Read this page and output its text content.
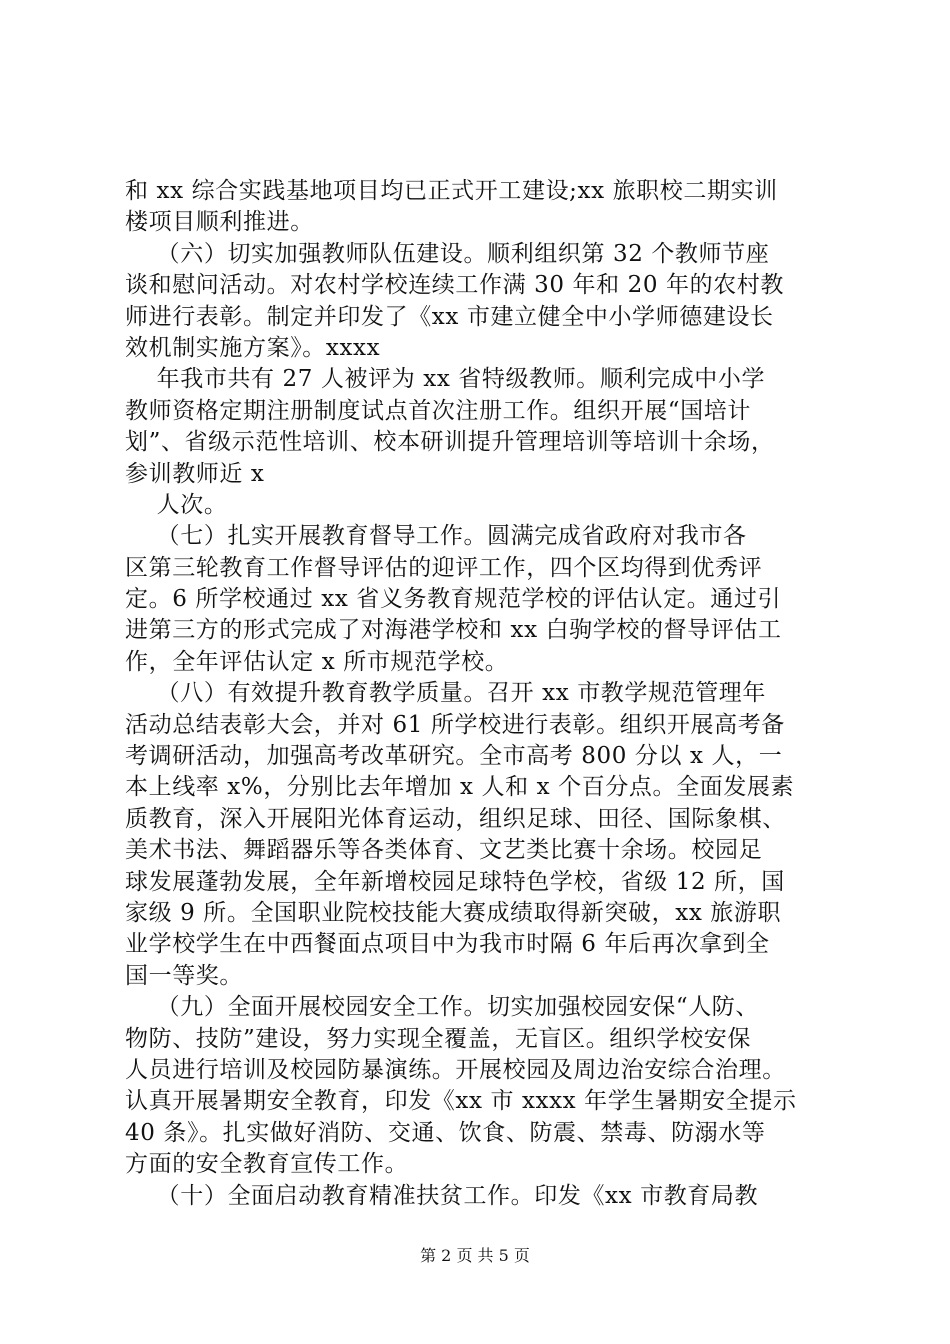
和 xx 综合实践基地项目均已正式开工建设;xx 旅职校二期实训
楼项目顺利推进。
（六）切实加强教师队伍建设。顺利组织第 32 个教师节座
谈和慰问活动。对农村学校连续工作满 30 年和 20 年的农村教
师进行表彰。制定并印发了《xx 市建立健全中小学师德建设长
效机制实施方案》。xxxx
年我市共有 27 人被评为 xx 省特级教师。顺利完成中小学
教师资格定期注册制度试点首次注册工作。组织开展“国培计
划”、省级示范性培训、校本研训提升管理培训等培训十余场，
参训教师近 x
人次。
（七）扎实开展教育督导工作。圆满完成省政府对我市各
区第三轮教育工作督导评估的迎评工作，四个区均得到优秀评
定。6 所学校通过 xx 省义务教育规范学校的评估认定。通过引
进第三方的形式完成了对海港学校和 xx 白驹学校的督导评估工
作，全年评估认定 x 所市规范学校。
（八）有效提升教育教学质量。召开 xx 市教学规范管理年
活动总结表彰大会，并对 61 所学校进行表彰。组织开展高考备
考调研活动，加强高考改革研究。全市高考 800 分以 x 人，一
本上线率 x%，分别比去年增加 x 人和 x 个百分点。全面发展素
质教育，深入开展阳光体育运动，组织足球、田径、国际象棋、
美术书法、舞蹈器乐等各类体育、文艺类比赛十余场。校园足
球发展蓬勃发展，全年新增校园足球特色学校，省级 12 所，国
家级 9 所。全国职业院校技能大赛成绩取得新突破，xx 旅游职
业学校学生在中西餐面点项目中为我市时隔 6 年后再次拿到全
国一等奖。
（九）全面开展校园安全工作。切实加强校园安保“人防、
物防、技防”建设，努力实现全覆盖，无盲区。组织学校安保
人员进行培训及校园防暴演练。开展校园及周边治安综合治理。
认真开展暑期安全教育，印发《xx 市 xxxx 年学生暑期安全提示
40 条》。扎实做好消防、交通、饮食、防震、禁毒、防溺水等
方面的安全教育宣传工作。
（十）全面启动教育精准扶贫工作。印发《xx 市教育局教
第 2 页 共 5 页
